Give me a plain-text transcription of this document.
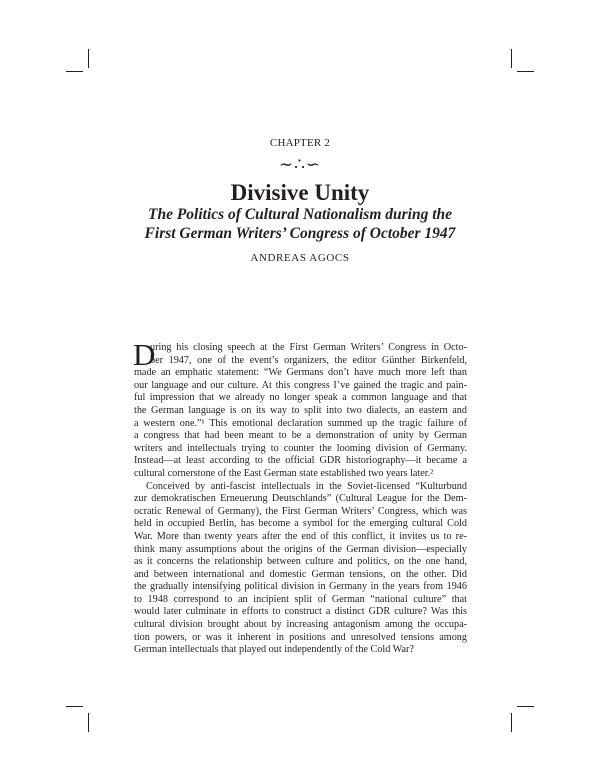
CHAPTER 2
∼∴∽
Divisive Unity
The Politics of Cultural Nationalism during the
First German Writers’ Congress of October 1947
ANDREAS AGOCS
D
uring his closing speech at the First German Writers’ Congress in Octo-
ber 1947, one of the event’s organizers, the editor Günther Birkenfeld,
made an emphatic statement: “We Germans don’t have much more left than
our language and our culture. At this congress I’ve gained the tragic and pain-
ful impression that we already no longer speak a common language and that
the German language is on its way to split into two dialects, an eastern and
a western one.”¹ This emotional declaration summed up the tragic failure of
a congress that had been meant to be a demonstration of unity by German
writers and intellectuals trying to counter the looming division of Germany.
Instead—at least according to the official GDR historiography—it became a
cultural cornerstone of the East German state established two years later.²
Conceived by anti-fascist intellectuals in the Soviet-licensed “Kulturbund
zur demokratischen Erneuerung Deutschlands” (Cultural League for the Dem-
ocratic Renewal of Germany), the First German Writers’ Congress, which was
held in occupied Berlin, has become a symbol for the emerging cultural Cold
War. More than twenty years after the end of this conflict, it invites us to re-
think many assumptions about the origins of the German division—especially
as it concerns the relationship between culture and politics, on the one hand,
and between international and domestic German tensions, on the other. Did
the gradually intensifying political division in Germany in the years from 1946
to 1948 correspond to an incipient split of German “national culture” that
would later culminate in efforts to construct a distinct GDR culture? Was this
cultural division brought about by increasing antagonism among the occupa-
tion powers, or was it inherent in positions and unresolved tensions among
German intellectuals that played out independently of the Cold War?
